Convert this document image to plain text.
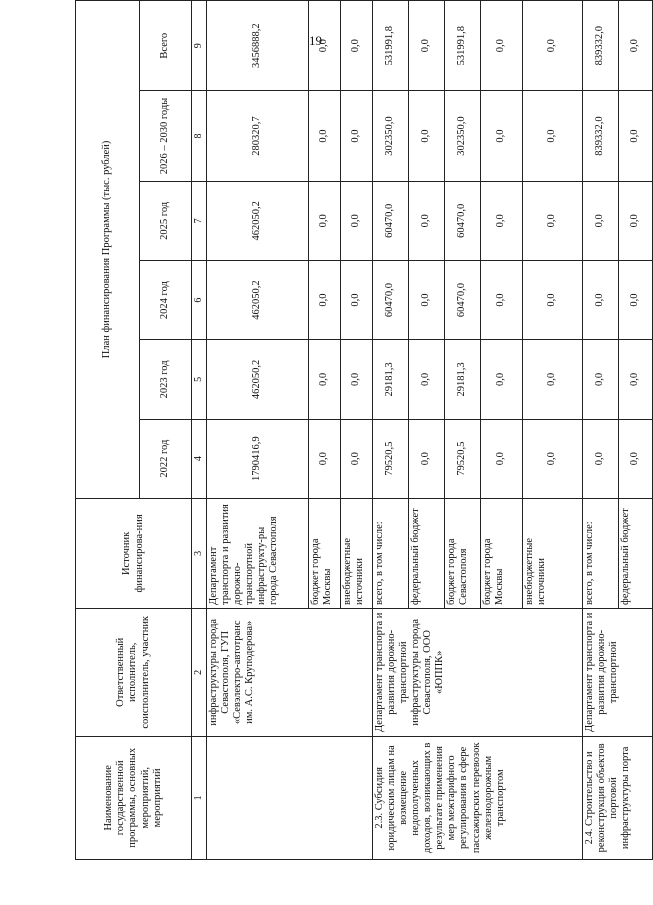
19
Наименование государственной программы, основных мероприятий, мероприятий	Ответственный исполнитель, соисполнитель, участник	Источник финансирова-ния	План финансирования Программы (тыс. рублей)					
			2022 год	2023 год	2024 год	2025 год	2026 – 2030 годы	Всего
1	2	3	4	5	6	7	8	9
	инфраструктуры города Севастополя, ГУП «Севэлектро-автотранс им. А.С. Круподерова»	Департамент транспорта и развития дорожно-транспортной инфраструкту-ры города Севастополя	1790416,9	462050,2	462050,2	462050,2	280320,7	3456888,2
		бюджет города Москвы	0,0	0,0	0,0	0,0	0,0	0,0
		внебюджетные источники	0,0	0,0	0,0	0,0	0,0	0,0
2.3. Субсидия юридическим лицам на возмещение недополученных доходов, возникающих в результате применения мер межтарифного регулирования в сфере пассажирских перевозок железнодорожным транспортом	Департамент транспорта и развития дорожно-транспортной инфраструктуры города Севастополя, ООО «ЮППК»	всего, в том числе:	79520,5	29181,3	60470,0	60470,0	302350,0	531991,8
		федеральный бюджет	0,0	0,0	0,0	0,0	0,0	0,0
		бюджет города Севастополя	79520,5	29181,3	60470,0	60470,0	302350,0	531991,8
		бюджет города Москвы	0,0	0,0	0,0	0,0	0,0	0,0
		внебюджетные источники	0,0	0,0	0,0	0,0	0,0	0,0
2.4. Строительство и реконструкция объектов портовой инфраструктуры порта	Департамент транспорта и развития дорожно-транспортной	всего, в том числе:	0,0	0,0	0,0	0,0	839332,0	839332,0
		федеральный бюджет	0,0	0,0	0,0	0,0	0,0	0,0
